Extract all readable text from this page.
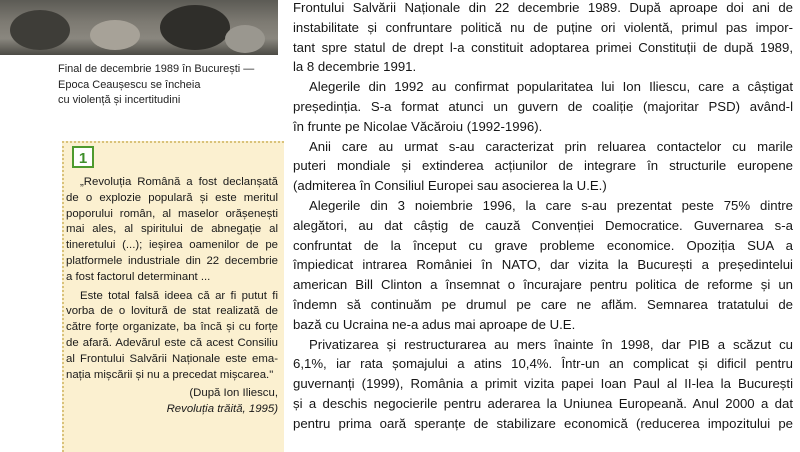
Final de decembrie 1989 în București —
Epoca Ceaușescu se încheia
cu violență și incertitudini
1
„Revoluția Română a fost declanșată
de o explozie populară și este meritul
poporului român, al maselor orășenești
mai ales, al spiritului de abnegație al
tineretului (...); ieșirea oamenilor de pe
platformele industriale din 22 decembrie
a fost factorul determinant ...
Este total falsă ideea că ar fi putut fi
vorba de o lovitură de stat realizată de
către forțe organizate, ba încă și cu forțe
de afară. Adevărul este că acest Consiliu
al Frontului Salvării Naționale este ema-
nația mișcării și nu a precedat mișcarea."
(După Ion Iliescu,
Revoluția trăită, 1995)
Frontului Salvării Naționale din 22 decembrie 1989. După aproape doi ani de
instabilitate și confruntare politică nu de puține ori violentă, primul pas impor-
tant spre statul de drept l-a constituit adoptarea primei Constituții de după 1989,
la 8 decembrie 1991.
Alegerile din 1992 au confirmat popularitatea lui Ion Iliescu, care a câștigat
președinția. S-a format atunci un guvern de coaliție (majoritar PSD) având-l
în frunte pe Nicolae Văcăroiu (1992-1996).
Anii care au urmat s-au caracterizat prin reluarea contactelor cu marile
puteri mondiale și extinderea acțiunilor de integrare în structurile europene
(admiterea în Consiliul Europei sau asocierea la U.E.)
Alegerile din 3 noiembrie 1996, la care s-au prezentat peste 75% dintre
alegători, au dat câștig de cauză Convenției Democratice. Guvernarea s-a
confruntat de la început cu grave probleme economice. Opoziția SUA a
împiedicat intrarea României în NATO, dar vizita la București a președintelui
american Bill Clinton a însemnat o încurajare pentru politica de reforme și un
îndemn să continuăm pe drumul pe care ne aflăm. Semnarea tratatului de
bază cu Ucraina ne-a adus mai aproape de U.E.
Privatizarea și restructurarea au mers înainte în 1998, dar PIB a scăzut cu
6,1%, iar rata șomajului a atins 10,4%. Într-un an complicat și dificil pentru
guvernanți (1999), România a primit vizita papei Ioan Paul al II-lea la București
și a deschis negocierile pentru aderarea la Uniunea Europeană. Anul 2000 a dat
pentru prima oară speranțe de stabilizare economică (reducerea impozitului pe
